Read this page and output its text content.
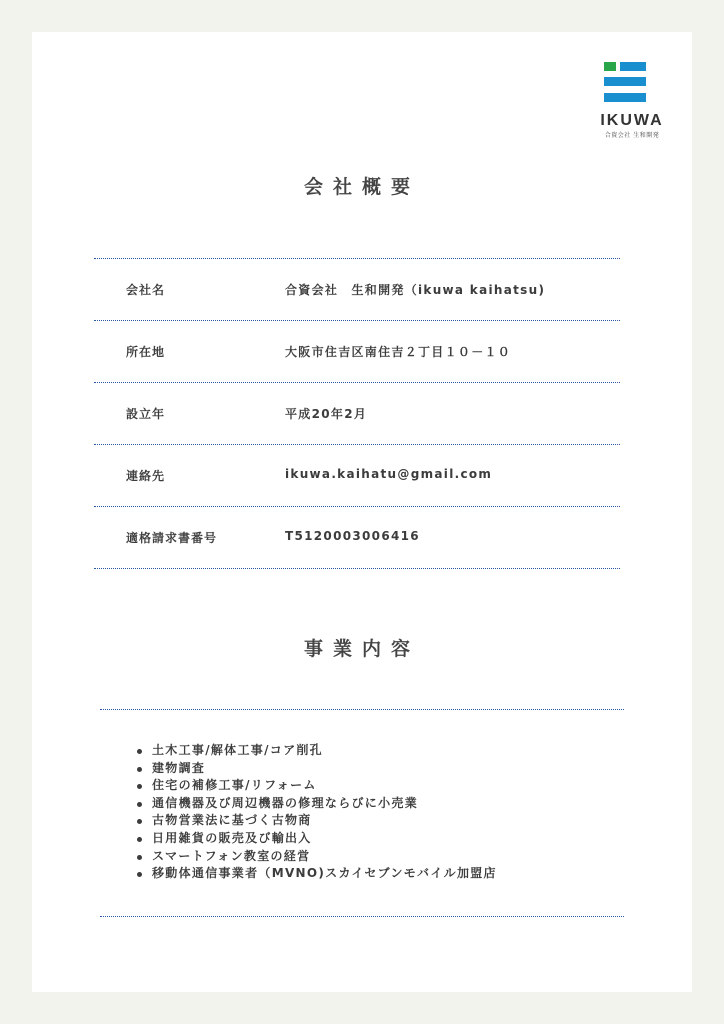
IKUWA
合資会社 生和開発
会社概要
会社名	合資会社　生和開発（ikuwa kaihatsu)
所在地	大阪市住吉区南住吉２丁目１０－１０
設立年	平成20年2月
連絡先	ikuwa.kaihatu@gmail.com
適格請求書番号	T5120003006416
事業内容
土木工事/解体工事/コア削孔
建物調査
住宅の補修工事/リフォーム
通信機器及び周辺機器の修理ならびに小売業
古物営業法に基づく古物商
日用雑貨の販売及び輸出入
スマートフォン教室の経営
移動体通信事業者（MVNO)スカイセブンモバイル加盟店
